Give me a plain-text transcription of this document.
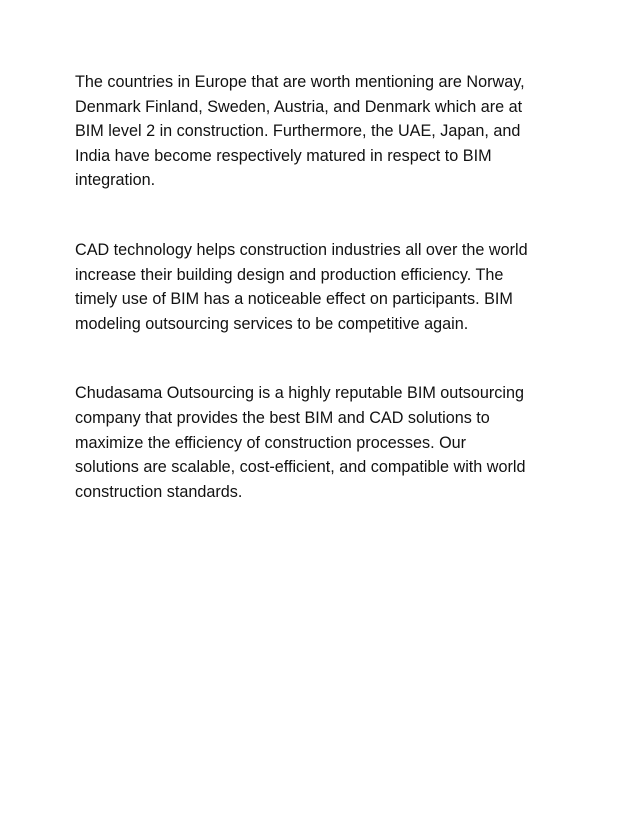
The countries in Europe that are worth mentioning are Norway,
Denmark Finland, Sweden, Austria, and Denmark which are at
BIM level 2 in construction. Furthermore, the UAE, Japan, and
India have become respectively matured in respect to BIM
integration.

CAD technology helps construction industries all over the world
increase their building design and production efficiency. The
timely use of BIM has a noticeable effect on participants. BIM
modeling outsourcing services to be competitive again.

Chudasama Outsourcing is a highly reputable BIM outsourcing
company that provides the best BIM and CAD solutions to
maximize the efficiency of construction processes. Our
solutions are scalable, cost-efficient, and compatible with world
construction standards.
